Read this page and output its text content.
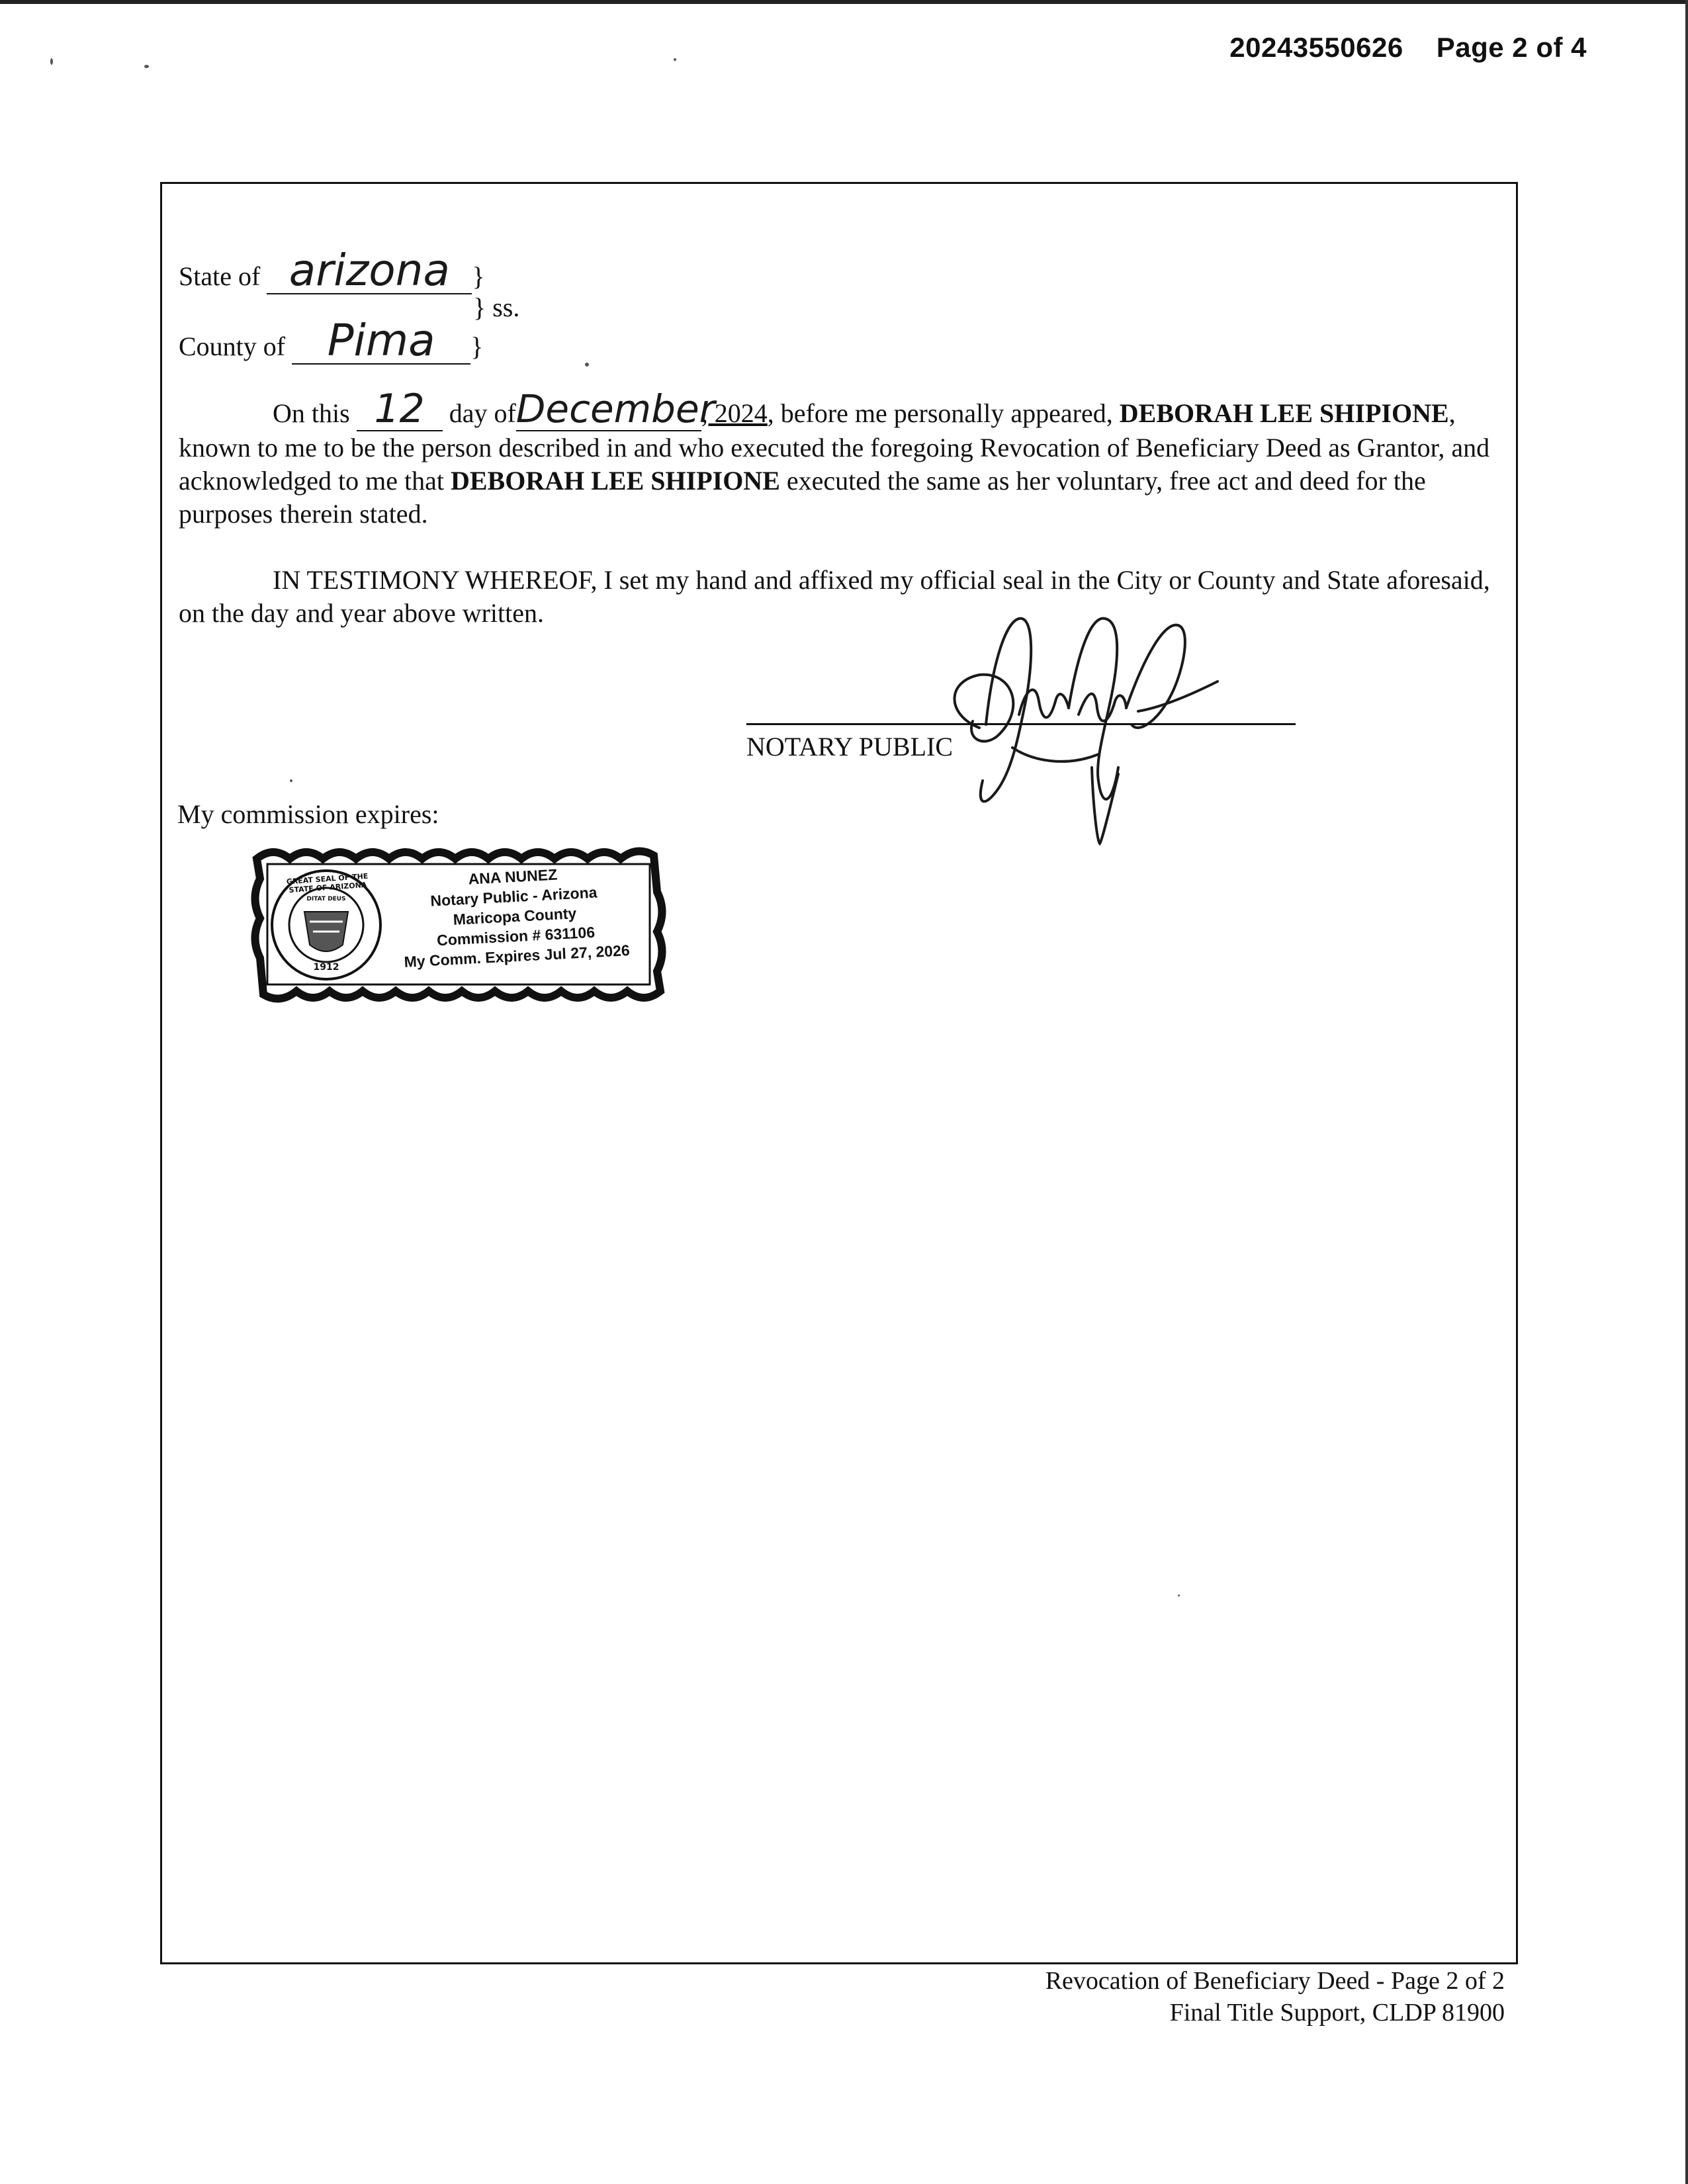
20243550626 Page 2 of 4
State of arizona }
} ss.
County of Pima }
On this 12 day ofDecember, 2024, before me personally appeared, DEBORAH LEE SHIPIONE, known to me to be the person described in and who executed the foregoing Revocation of Beneficiary Deed as Grantor, and acknowledged to me that DEBORAH LEE SHIPIONE executed the same as her voluntary, free act and deed for the purposes therein stated.
IN TESTIMONY WHEREOF, I set my hand and affixed my official seal in the City or County and State aforesaid, on the day and year above written.
NOTARY PUBLIC
My commission expires:
GREAT SEAL OF THE STATE OF ARIZONA
DITAT DEUS
1912
ANA NUNEZ
Notary Public - Arizona
Maricopa County
Commission # 631106
My Comm. Expires Jul 27, 2026
Revocation of Beneficiary Deed - Page 2 of 2
Final Title Support, CLDP 81900
